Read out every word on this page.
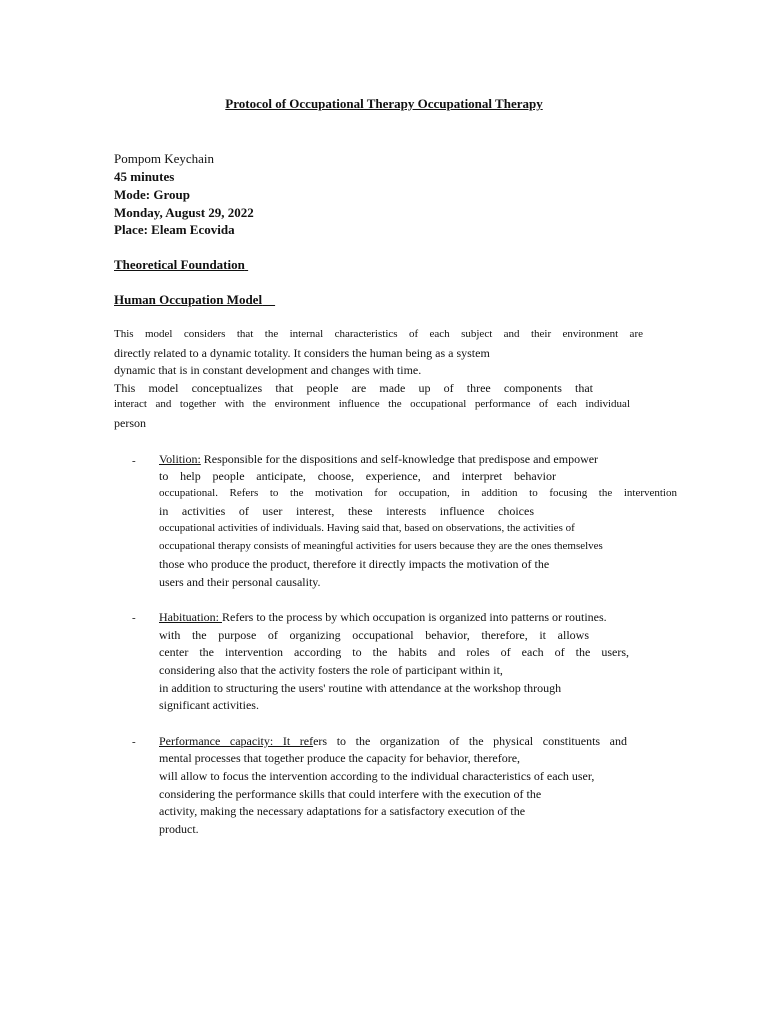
Protocol of Occupational Therapy Occupational Therapy
Pompom Keychain
45 minutes
Mode: Group
Monday, August 29, 2022
Place: Eleam Ecovida
Theoretical Foundation
Human Occupation Model
This model considers that the internal characteristics of each subject and their environment are
directly related to a dynamic totality. It considers the human being as a system
dynamic that is in constant development and changes with time.
This model conceptualizes that people are made up of three components that
interact and together with the environment influence the occupational performance of each individual
person
- Volition: Responsible for the dispositions and self-knowledge that predispose and empower
to help people anticipate, choose, experience, and interpret behavior
occupational. Refers to the motivation for occupation, in addition to focusing the intervention
in activities of user interest, these interests influence choices
occupational activities of individuals. Having said that, based on observations, the activities of
occupational therapy consists of meaningful activities for users because they are the ones themselves
those who produce the product, therefore it directly impacts the motivation of the
users and their personal causality.
- Habituation: Refers to the process by which occupation is organized into patterns or routines.
with the purpose of organizing occupational behavior, therefore, it allows
center the intervention according to the habits and roles of each of the users,
considering also that the activity fosters the role of participant within it,
in addition to structuring the users' routine with attendance at the workshop through
significant activities.
- Performance capacity: It refers to the organization of the physical constituents and
mental processes that together produce the capacity for behavior, therefore,
will allow to focus the intervention according to the individual characteristics of each user,
considering the performance skills that could interfere with the execution of the
activity, making the necessary adaptations for a satisfactory execution of the
product.
